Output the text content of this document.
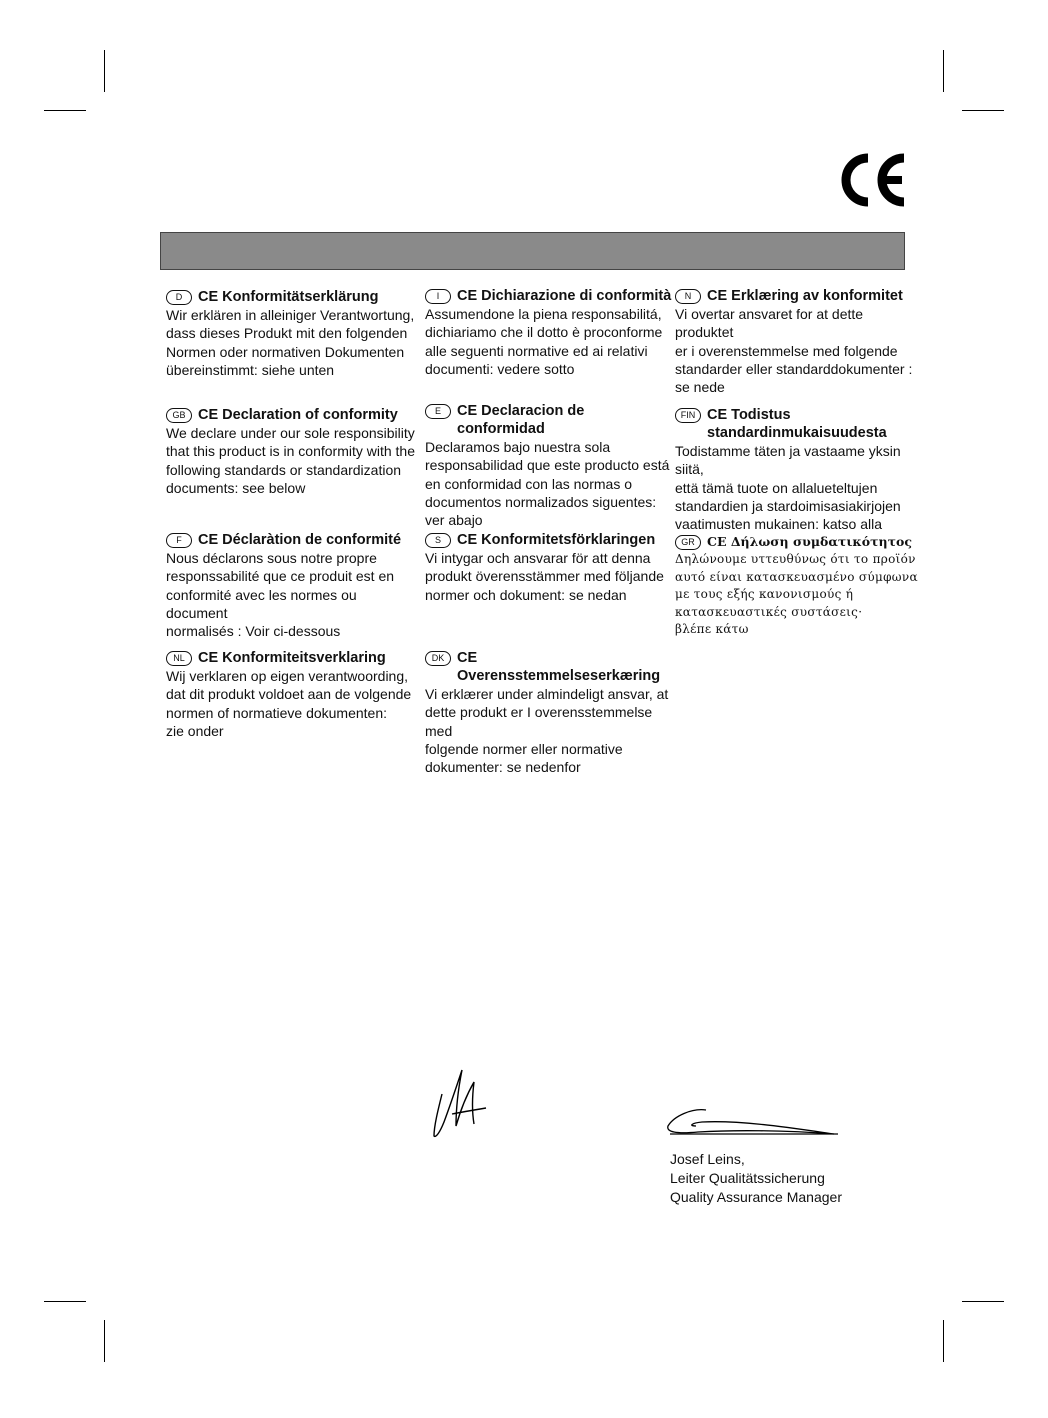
D	CE Konformitätserklärung
Wir erklären in alleiniger Verantwortung,
dass dieses Produkt mit den folgenden
Normen oder normativen Dokumenten
übereinstimmt: siehe unten
GB CE Declaration of conformity
We declare under our sole responsibility
that this product is in conformity with the
following standards or standardization
documents: see below
F	CE Déclaràtion de conformité
Nous déclarons sous notre propre
responssabilité que ce produit est en
conformité avec les normes ou document
normalisés : Voir ci-dessous
NL CE Konformiteitsverklaring
Wij verklaren op eigen verantwoording,
dat dit produkt voldoet aan de volgende
normen of normatieve dokumenten:
zie onder
I	CE Dichiarazione di conformità
Assumendone la piena responsabilitá,
dichiariamo che il dotto è proconforme
alle seguenti normative ed ai relativi
documenti: vedere sotto
E	CE Declaracion de conformidad
Declaramos bajo nuestra sola
responsabilidad que este producto está
en conformidad con las normas o
documentos normalizados siguentes:
ver abajo
S	CE Konformitetsförklaringen
Vi intygar och ansvarar för att denna
produkt överensstämmer med följande
normer och dokument: se nedan
DK CE Overensstemmelseserkæring
Vi erklærer under almindeligt ansvar, at
dette produkt er I overensstemmelse med
folgende normer eller normative
dokumenter: se nedenfor
N	CE Erklæring av konformitet
Vi overtar ansvaret for at dette produktet
er i overenstemmelse med folgende
standarder eller standarddokumenter :
se nede
FIN CE Todistus
standardinmukaisuudesta
Todistamme täten ja vastaame yksin siitä,
että tämä tuote on allalueteltujen
standardien ja stardoimisasiakirjojen
vaatimusten mukainen: katso alla
GR CE Δήλωση συμδατικότητος
Δηλώνουμε υττευθύνως ότι το προϊόν
αυτό είναι κατασκευασμένο σύμφωνα
με τους εξής κανονισμούς ή
κατασκευαστικές συστάσεις·
βλέπε κάτω
Josef Leins,
Leiter Qualitätssicherung
Quality Assurance Manager
